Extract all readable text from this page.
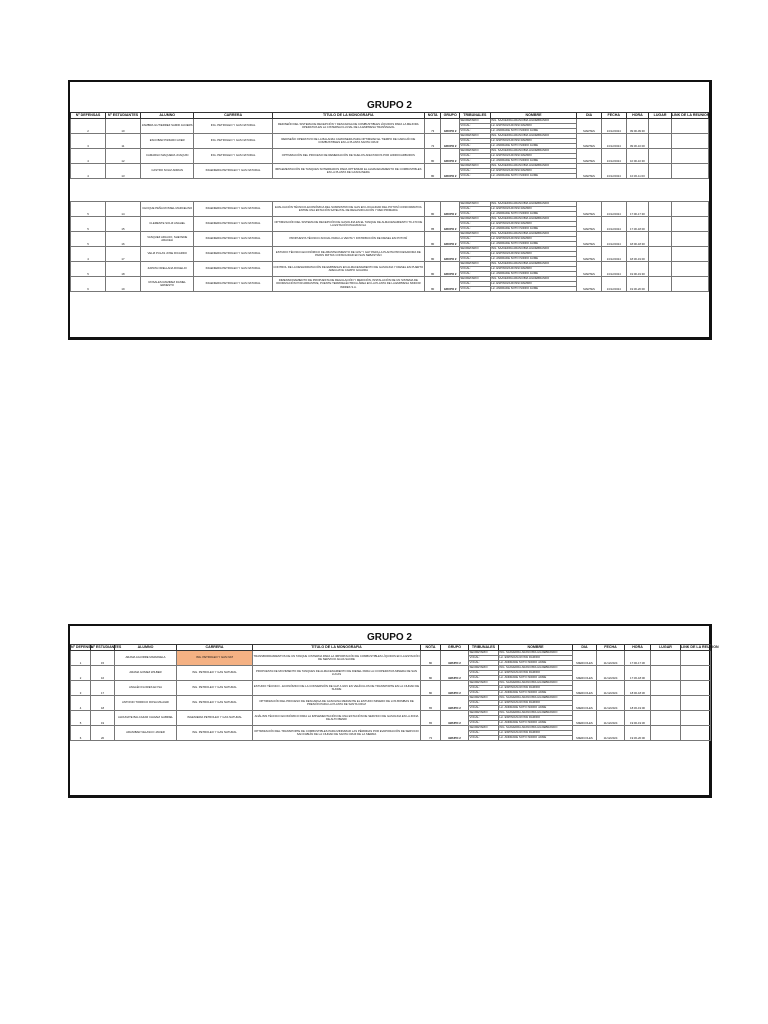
GRUPO 2
Nº DEFENSAS	Nº ESTUDIANTES	ALUMNO	CARRERA	TITULO DE LA MONOGRAFIA	NOTA	GRUPO	TRIBUNALES	NOMBRE	DIA	FECHA	HORA	LUGAR	LINK DE LA REUNION
2	10	ZAMBRA GUTIERREZ SAMIR JACIERS	ING. PETROLEO Y GAS NATURAL	REDISEÑO DEL SISTEMA DE RECEPCIÓN Y DESCARGA DE COMBUSTIBLES LÍQUIDOS PARA LA MEJORA OPERATIVA EN LA CISTERNA FLUVIAL DE LA EMPRESA TRANSNAVAL	73	GRUPO 2	SECRETARIO:	ING. SAAVEDRA ARANCIBIA HILDEBRANDO	MARTES	13/12/2024	09:00-09:30		
							VOCAL:	Lic. ESPINOZA ROSSI RAMIRO					
							VOCAL:	Lic. ANDRADE SOTO ISIDRO JAIME					
3	11	ESCOBAR PIZZARO AXER	ING. PETROLEO Y GAS NATURAL	REDISEÑO OPERATIVO DE LA BALANZA CAMIONERA PARA OPTIMIZAR EL TIEMPO DE CARGUÍO DE COMBUSTIBLES EN LA PLANTA SANTA CRUZ	72	GRUPO 2	SECRETARIO:	ING. SAAVEDRA ARANCIBIA HILDEBRANDO	MARTES	13/12/2024	09:30-10:00		
							VOCAL:	Lic. ESPINOZA ROSSI RAMIRO					
							VOCAL:	Lic. ANDRADE SOTO ISIDRO JAIME					
4	12	CAMARGO MAQUERA JOAQUIN	ING. PETROLEO Y GAS NATURAL	OPTIMIZACIÓN DEL PROCESO DE REMEDIACIÓN DE SUELOS AFECTADOS POR HIDROCARBUROS	80	GRUPO 2	SECRETARIO:	ING. SAAVEDRA ARANCIBIA HILDEBRANDO	MARTES	13/12/2024	10:00-10:30		
							VOCAL:	Lic. ESPINOZA ROSSI RAMIRO					
							VOCAL:	Lic. ANDRADE SOTO ISIDRO JAIME					
4	13	CASTRO SOLIZ ADRIAN	INGENIERIA PETROLEO Y GAS NATURAL	IMPLEMENTACIÓN DE TANQUES SOTERRADOS PARA OPTIMIZAR EL ALMACENAMIENTO DE COMBUSTIBLES EN LA PLANTA DE GASOLINERA	80	GRUPO 2	SECRETARIO:	ING. SAAVEDRA ARANCIBIA HILDEBRANDO	MARTES	13/12/2024	10:30-11:00		
							VOCAL:	Lic. ESPINOZA ROSSI RAMIRO					
							VOCAL:	Lic. ANDRADE SOTO ISIDRO JAIME					

5	14	CHOQUE PEÑA ROSSEL MARCELINO	INGENIERIA PETROLEO Y GAS NATURAL	EVALUACIÓN TÉCNICO-ECONÓMICA DEL SUMINISTRO DE GAS EN LOCALIDAD DEL POTOSÍ CONFORMATIVA ENTRE UNA ESTACIÓN SATELITAL DE REGASIFICACIÓN Y RED PRIMARIA	80	GRUPO 2	SECRETARIO:	ING. SAAVEDRA ARANCIBIA HILDEBRANDO	MARTES	13/12/2024	17:00-17:30		
							VOCAL:	Lic. ESPINOZA ROSSI RAMIRO					
							VOCAL:	Lic. ANDRADE SOTO ISIDRO JAIME					
5	15	CLEMENTE SOLIZ ANAHEL	INGENIERIA PETROLEO Y GAS NATURAL	OPTIMIZACIÓN DEL SISTEMA DE RECEPCIÓN DE GASOLINA EN EL TANQUE DE ALMACENAMIENTO TK-470 DE LA ESTACIÓN PALMASOLA	85	GRUPO 2	SECRETARIO:	ING. SAAVEDRA ARANCIBIA HILDEBRANDO	MARTES	13/12/2024	17:30-18:00		
							VOCAL:	Lic. ESPINOZA ROSSI RAMIRO					
							VOCAL:	Lic. ANDRADE SOTO ISIDRO JAIME					
5	16	VASQUEZ ARAUJO, SHEYENE ARACELI	INGENIERIA PETROLEO Y GAS NATURAL	PROPUESTA TÉCNICO-SOCIAL PARA LA VENTA Y DISTRIBUCIÓN DE DIESEL EN POTOSÍ	80	GRUPO 2	SECRETARIO:	ING. SAAVEDRA ARANCIBIA HILDEBRANDO	MARTES	13/12/2024	18:00-18:30		
							VOCAL:	Lic. ESPINOZA ROSSI RAMIRO					
							VOCAL:	Lic. ANDRADE SOTO ISIDRO JAIME					
4	17	VELIZ PULAS JOSE RICARDO	INGENIERIA PETROLEO Y GAS NATURAL	ESTUDIO TÉCNICO-ECONÓMICO DE ABASTECIMIENTO DE GNV Y GLP PARA LA PLANTA PROCESADORA DE PAPAS FRITAS CONSOLIDAD EN SAN SEBASTIÁN	80	GRUPO 2	SECRETARIO:	ING. SAAVEDRA ARANCIBIA HILDEBRANDO	MARTES	13/12/2024	18:30-19:00		
							VOCAL:	Lic. ESPINOZA ROSSI RAMIRO					
							VOCAL:	Lic. ANDRADE SOTO ISIDRO JAIME					
5	18	ZAPATA ORELLANA ROGELIO	INGENIERIA PETROLEO Y GAS NATURAL	CONTROL DE LA DESHIDRATACIÓN DE EMPRESAS EN ALMACENAMIENTO DE GASOLINA Y DIESEL EN PUERTO AREGUAYE CAMPO GUAJIRA	80	GRUPO 2	SECRETARIO:	ING. SAAVEDRA ARANCIBIA HILDEBRANDO	MARTES	13/12/2024	19:00-19:30		
							VOCAL:	Lic. ESPINOZA ROSSI RAMIRO					
							VOCAL:	Lic. ANDRADE SOTO ISIDRO JAIME					
6	19	ROSALES RAMIREZ DANIEL ERNESTO	INGENIERIA PETROLEO Y GAS NATURAL	DIMENSIONAMIENTO DE PROPUESTA DE REGULACIÓN Y MEDICIÓN, INSTALACIÓN DE UN SISTEMA DE ODORIZACIÓN POR ARRASTRE, PUENTE TERMOELÉCTRICA ÁREA EN LA PLANTA DE LA EMPRESA SINDOR INDRES S.A.	80	GRUPO 2	SECRETARIO:	ING. SAAVEDRA ARANCIBIA HILDEBRANDO	MARTES	13/12/2024	19:30-20:00		
							VOCAL:	Lic. ESPINOZA ROSSI RAMIRO					
							VOCAL:	Lic. ANDRADE SOTO ISIDRO JAIME					
GRUPO 2
Nº DEFENSA	Nº ESTUDIANTES	ALUMNO	CARRERA	TITULO DE LA MONOGRAFIA	NOTA	GRUPO	TRIBUNALES	NOMBRE	DIA	FECHA	HORA	LUGAR	LINK DE LA REUNION
1	15	ARAMA AGUIRRE MARIANELA	ING. PETROLEO Y GAS NAT	TRANSBORDAMIENTOS DE UN TANQUE CISTERNA PARA LA IMPORTACIÓN DE COMBUSTIBLES LÍQUIDOS EN LA ESTACIÓN DE SERVICIO AGUA SACRE	80	GRUPO 2	SECRETARIO:	ING. SAAVEDRA ARANCIBIA HILDEBRANDO	MIERCOLES	11/12/2024	17:00-17:30		
							VOCAL:	Lic. ESPINOZA ROSSI RAMIRO					
							VOCAL:	Lic. ANDRADE SOTO ISIDRO JAIME					
2	16	ARAMA GOMEZ WILBER	ING. PETROLEO Y GAS NATURAL	PROPUESTA DE MOVIMIENTO DE TANQUES DE ALMACENAMIENTO DE DIESEL PARA LA COOPERATIVA MINERA DE SAN LUCAS	80	GRUPO 2	SECRETARIO:	ING. SAAVEDRA ARANCIBIA HILDEBRANDO	MIERCOLES	11/12/2024	17:30-18:00		
							VOCAL:	Lic. ESPINOZA ROSSI RAMIRO					
							VOCAL:	Lic. ANDRADE SOTO ISIDRO JAIME					
3	17	ANGLÉN FLORES ELYSA	ING. PETROLEO Y GAS NATURAL	ESTUDIO TÉCNICO - ECONÓMICO DE LA CONVERSIÓN DE GLP A GNV EN VEHÍCULOS DE TRANSPORTE EN LA CIUDAD DE SUCRE	80	GRUPO 2	SECRETARIO:	ING. SAAVEDRA ARANCIBIA HILDEBRANDO	MIERCOLES	11/12/2024	18:00-18:30		
							VOCAL:	Lic. ESPINOZA ROSSI RAMIRO					
							VOCAL:	Lic. ANDRADE SOTO ISIDRO JAIME					
4	18	ANTONIO TORRICO ROSA MILAGRI	ING. PETROLEO Y GAS NATURAL	OPTIMIZACIÓN DEL PROCESO DE DESCARGA DE GASOLINA MEDIANTE EL ESTUDIO MINERO DE LOS BOMBAS DE PRESIÓN PARA LA PLANTA DE SANTA CRUZ	65	GRUPO 2	SECRETARIO:	ING. SAAVEDRA ARANCIBIA HILDEBRANDO	MIERCOLES	11/12/2024	18:30-19:00		
							VOCAL:	Lic. ESPINOZA ROSSI RAMIRO					
							VOCAL:	Lic. ANDRADE SOTO ISIDRO JAIME					
5	19	ALDUNATE BALCAZAR CHAVEZ GABRIEL	INGENIERIA PETROLEO Y GAS NATURAL	ANÁLISIS TÉCNICO ECONÓMICO PARA LA IMPLEMENTACIÓN DE UNA ESTACIÓN DE SERVICIO DE GASOLINA EN LA ZONA DE ALTO BENDI	65	GRUPO 2	SECRETARIO:	ING. SAAVEDRA ARANCIBIA HILDEBRANDO	MIERCOLES	11/12/2024	19:00-19:30		
							VOCAL:	Lic. ESPINOZA ROSSI RAMIRO					
							VOCAL:	Lic. ANDRADE SOTO ISIDRO JAIME					
6	20	ARANIBAR VELASCO JAVIER	ING. PETROLEO Y GAS NATURAL	OPTIMIZACIÓN DEL TRANSPORTE DE COMBUSTIBLES PARA MINIMIZAR LAS PÉRDIDAS POR EVAPORACIÓN DE SERVICIO SAN FABIÁN DE LA CIUDAD DE SANTA CRUZ DE LA SIERRA	73	GRUPO 2	SECRETARIO:	ING. SAAVEDRA ARANCIBIA HILDEBRANDO	MIERCOLES	11/12/2024	19:30-20:00		
							VOCAL:	Lic. ESPINOZA ROSSI RAMIRO					
							VOCAL:	Lic. ANDRADE SOTO ISIDRO JAIME					
